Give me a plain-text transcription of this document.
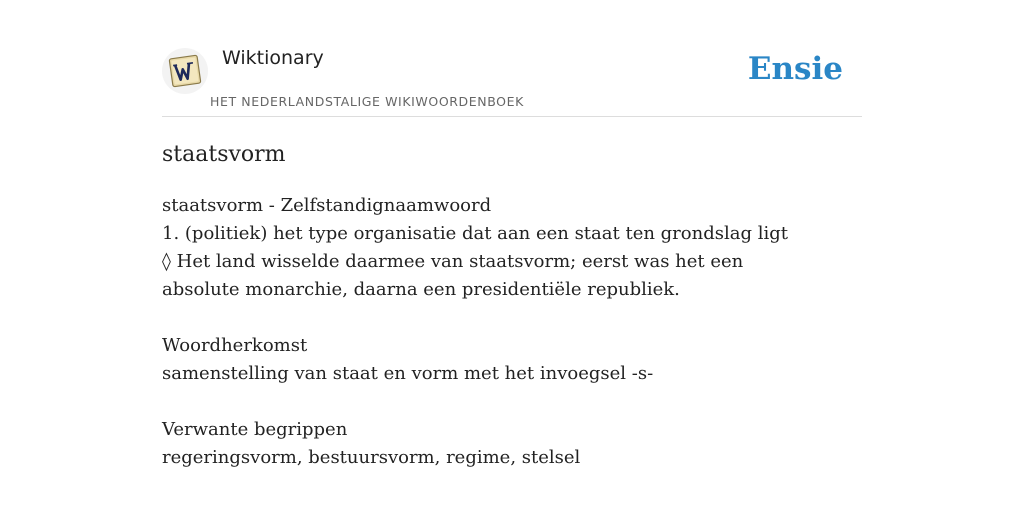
Wiktionary
HET NEDERLANDSTALIGE WIKIWOORDENBOEK
Ensie
staatsvorm

staatsvorm - Zelfstandignaamwoord

1. (politiek) het type organisatie dat aan een staat ten grondslag ligt

◊ Het land wisselde daarmee van staatsvorm; eerst was het een absolute monarchie, daarna een presidentiële republiek.

Woordherkomst

samenstelling van staat en vorm met het invoegsel -s-

Verwante begrippen

regeringsvorm, bestuursvorm, regime, stelsel
